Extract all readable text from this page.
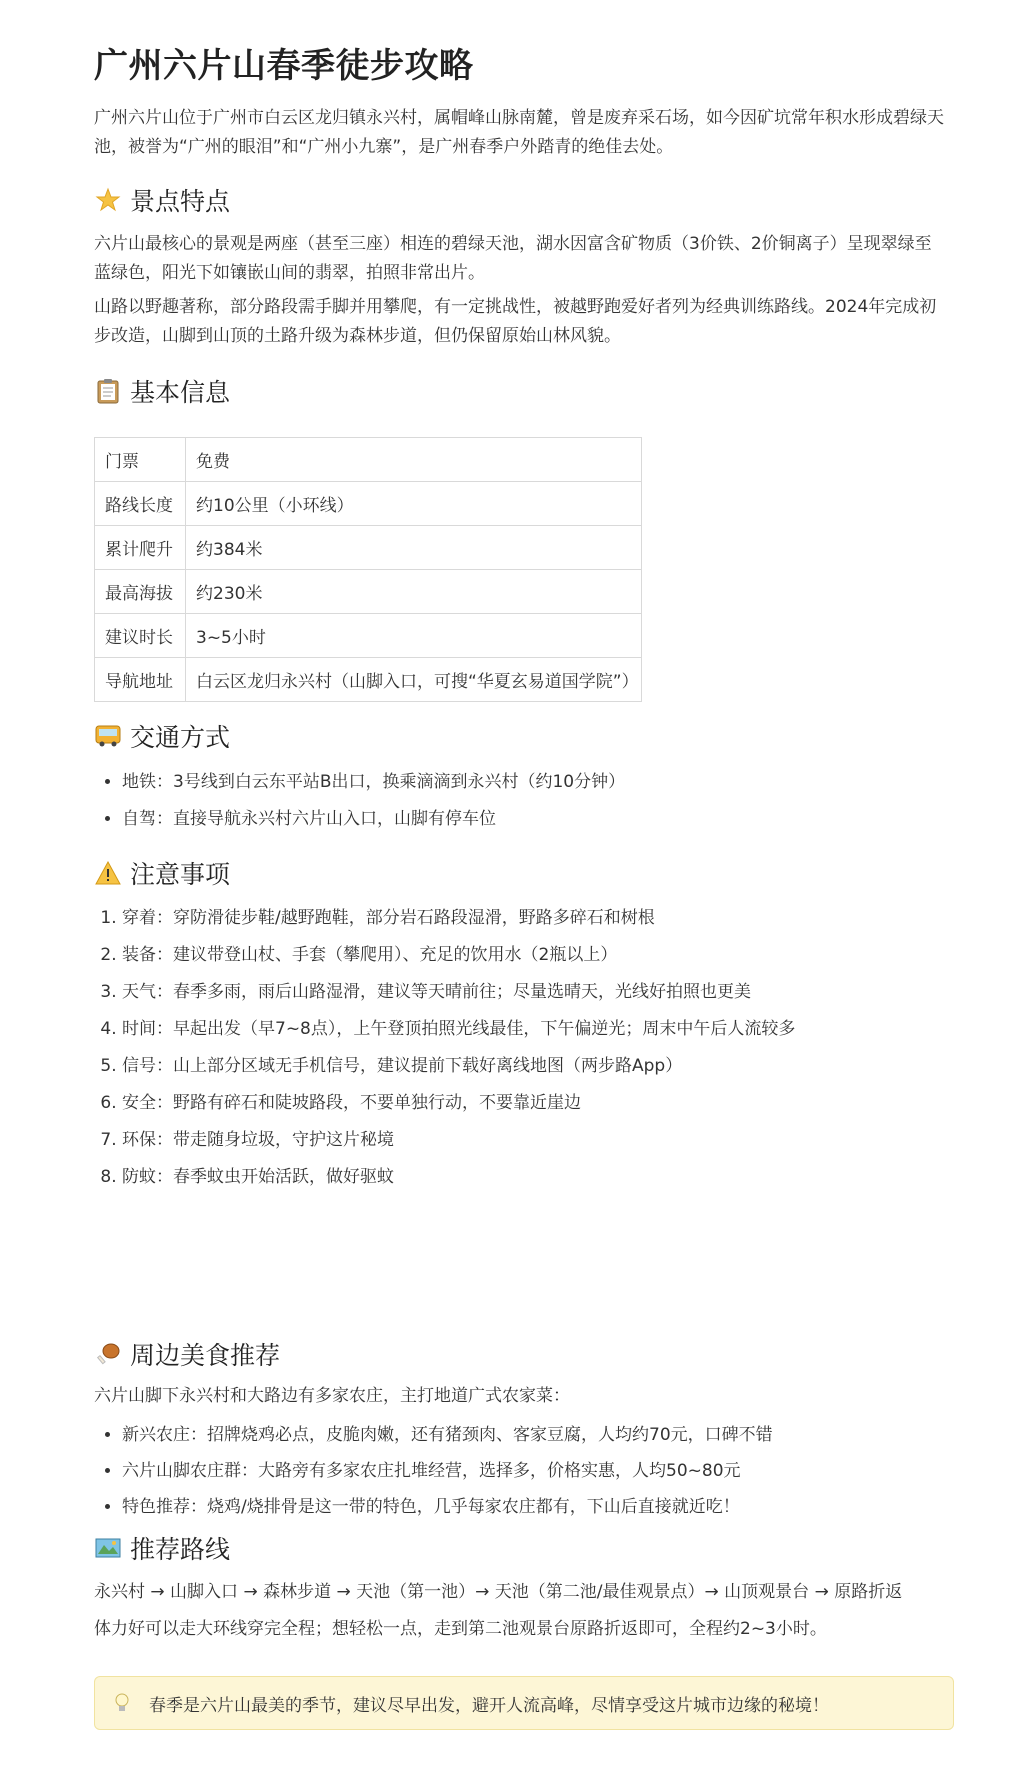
广州六片山春季徒步攻略

广州六片山位于广州市白云区龙归镇永兴村，属帽峰山脉南麓，曾是废弃采石场，如今因矿坑常年积水形成碧绿天池，被誉为“广州的眼泪”和“广州小九寨”，是广州春季户外踏青的绝佳去处。

景点特点

六片山最核心的景观是两座（甚至三座）相连的碧绿天池，湖水因富含矿物质（3价铁、2价铜离子）呈现翠绿至蓝绿色，阳光下如镶嵌山间的翡翠，拍照非常出片。

山路以野趣著称，部分路段需手脚并用攀爬，有一定挑战性，被越野跑爱好者列为经典训练路线。2024年完成初步改造，山脚到山顶的土路升级为森林步道，但仍保留原始山林风貌。

基本信息
门票	免费
路线长度	约10公里（小环线）
累计爬升	约384米
最高海拔	约230米
建议时长	3~5小时
导航地址	白云区龙归永兴村（山脚入口，可搜“华夏玄易道国学院”）
交通方式
• 地铁：3号线到白云东平站B出口，换乘滴滴到永兴村（约10分钟）
• 自驾：直接导航永兴村六片山入口，山脚有停车位
注意事项
1. 穿着：穿防滑徒步鞋/越野跑鞋，部分岩石路段湿滑，野路多碎石和树根
2. 装备：建议带登山杖、手套（攀爬用）、充足的饮用水（2瓶以上）
3. 天气：春季多雨，雨后山路湿滑，建议等天晴前往；尽量选晴天，光线好拍照也更美
4. 时间：早起出发（早7~8点），上午登顶拍照光线最佳，下午偏逆光；周末中午后人流较多
5. 信号：山上部分区域无手机信号，建议提前下载好离线地图（两步路App）
6. 安全：野路有碎石和陡坡路段，不要单独行动，不要靠近崖边
7. 环保：带走随身垃圾，守护这片秘境
8. 防蚊：春季蚊虫开始活跃，做好驱蚊
周边美食推荐

六片山脚下永兴村和大路边有多家农庄，主打地道广式农家菜：

• 新兴农庄：招牌烧鸡必点，皮脆肉嫩，还有猪颈肉、客家豆腐，人均约70元，口碑不错
• 六片山脚农庄群：大路旁有多家农庄扎堆经营，选择多，价格实惠，人均50~80元
• 特色推荐：烧鸡/烧排骨是这一带的特色，几乎每家农庄都有，下山后直接就近吃！
推荐路线

永兴村 → 山脚入口 → 森林步道 → 天池（第一池）→ 天池（第二池/最佳观景点）→ 山顶观景台 → 原路折返

体力好可以走大环线穿完全程；想轻松一点，走到第二池观景台原路折返即可，全程约2~3小时。

春季是六片山最美的季节，建议尽早出发，避开人流高峰，尽情享受这片城市边缘的秘境！
